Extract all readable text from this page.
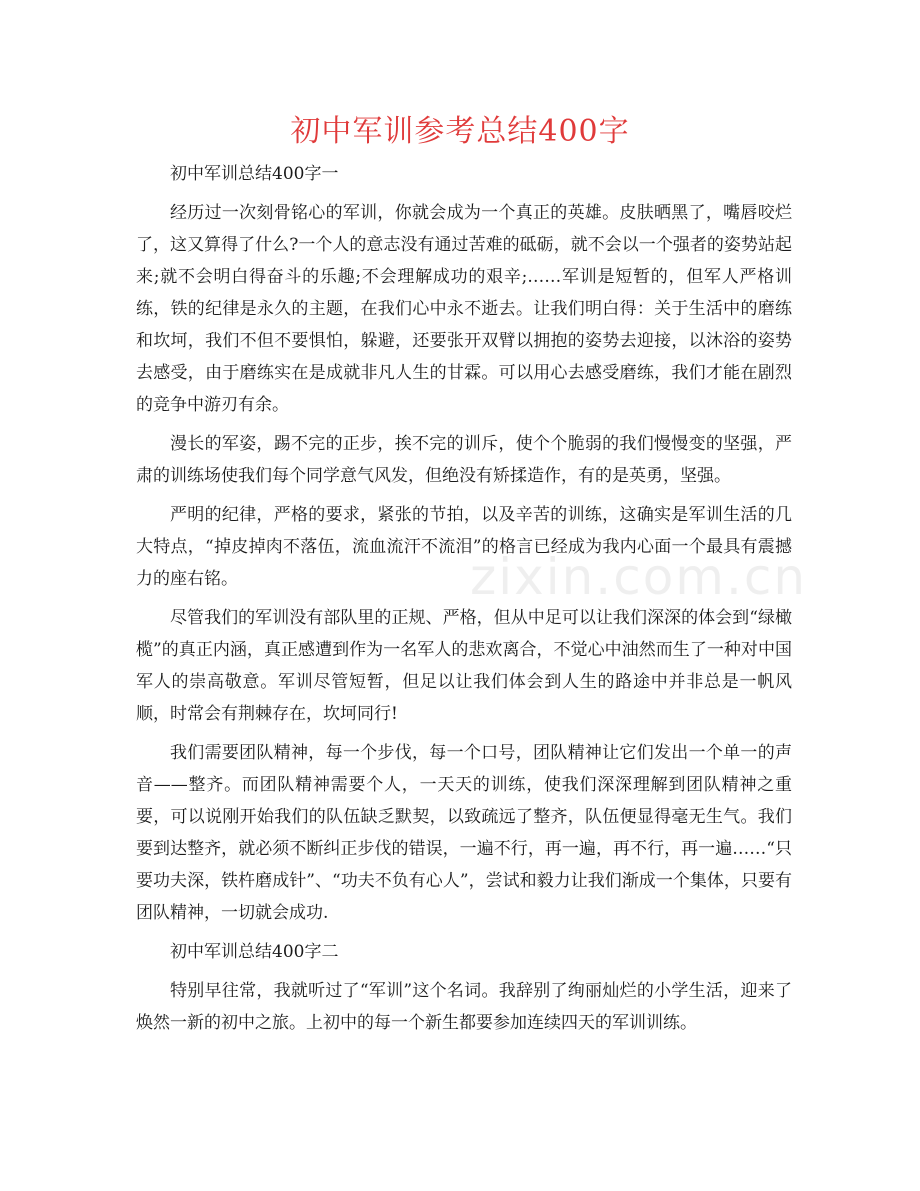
初中军训参考总结400字

初中军训总结400字一

经历过一次刻骨铭心的军训，你就会成为一个真正的英雄。皮肤晒黑了，嘴唇咬烂了，这又算得了什么?一个人的意志没有通过苦难的砥砺，就不会以一个强者的姿势站起来;就不会明白得奋斗的乐趣;不会理解成功的艰辛;……军训是短暂的，但军人严格训练，铁的纪律是永久的主题，在我们心中永不逝去。让我们明白得：关于生活中的磨练和坎坷，我们不但不要惧怕，躲避，还要张开双臂以拥抱的姿势去迎接，以沐浴的姿势去感受，由于磨练实在是成就非凡人生的甘霖。可以用心去感受磨练，我们才能在剧烈的竞争中游刃有余。

漫长的军姿，踢不完的正步，挨不完的训斥，使个个脆弱的我们慢慢变的坚强，严肃的训练场使我们每个同学意气风发，但绝没有矫揉造作，有的是英勇，坚强。

严明的纪律，严格的要求，紧张的节拍，以及辛苦的训练，这确实是军训生活的几大特点，“掉皮掉肉不落伍，流血流汗不流泪”的格言已经成为我内心面一个最具有震撼力的座右铭。

尽管我们的军训没有部队里的正规、严格，但从中足可以让我们深深的体会到“绿橄榄”的真正内涵，真正感遭到作为一名军人的悲欢离合，不觉心中油然而生了一种对中国军人的崇高敬意。军训尽管短暂，但足以让我们体会到人生的路途中并非总是一帆风顺，时常会有荆棘存在，坎坷同行!

我们需要团队精神，每一个步伐，每一个口号，团队精神让它们发出一个单一的声音——整齐。而团队精神需要个人，一天天的训练，使我们深深理解到团队精神之重要，可以说刚开始我们的队伍缺乏默契，以致疏远了整齐，队伍便显得毫无生气。我们要到达整齐，就必须不断纠正步伐的错误，一遍不行，再一遍，再不行，再一遍……“只要功夫深，铁杵磨成针”、“功夫不负有心人”，尝试和毅力让我们渐成一个集体，只要有团队精神，一切就会成功.

初中军训总结400字二

特别早往常，我就听过了“军训”这个名词。我辞别了绚丽灿烂的小学生活，迎来了焕然一新的初中之旅。上初中的每一个新生都要参加连续四天的军训训练。

zixin.com.cn
